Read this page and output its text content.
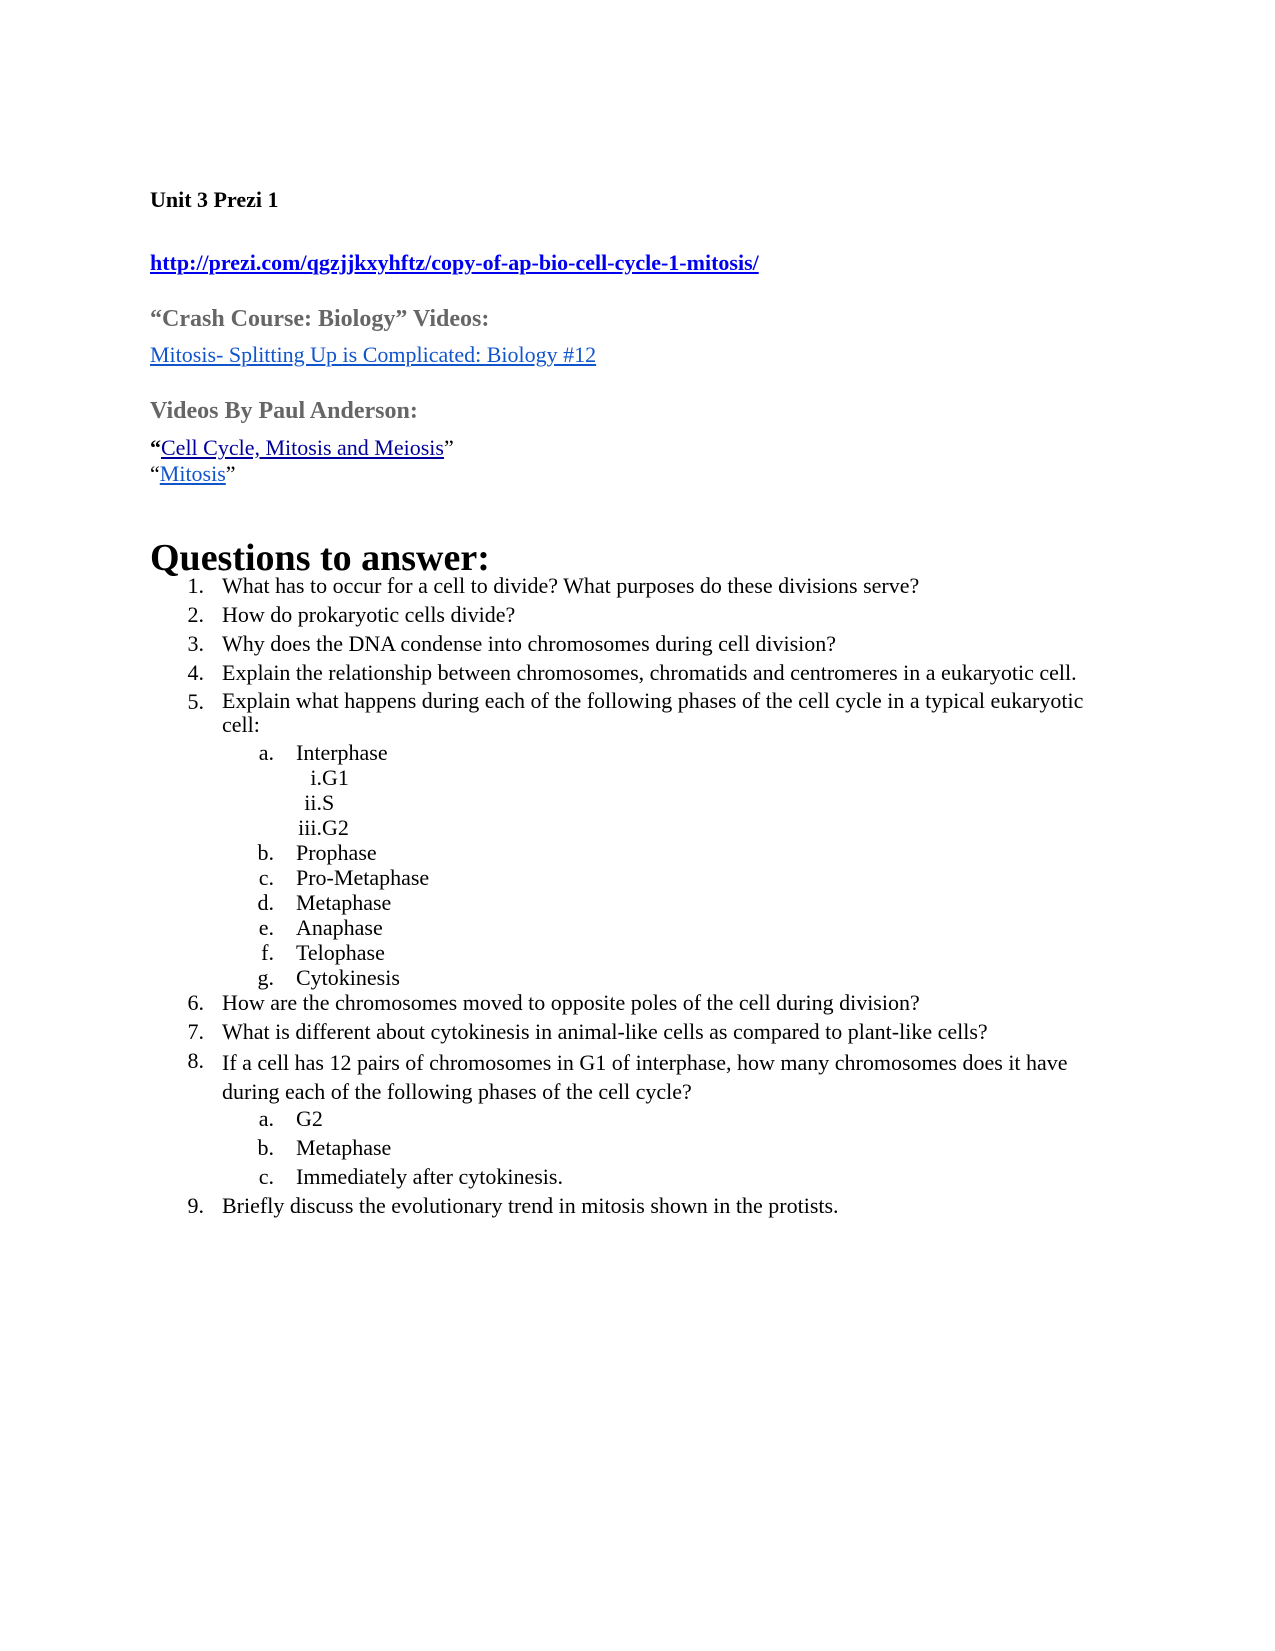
Unit 3 Prezi 1
http://prezi.com/qgzjjkxyhftz/copy-of-ap-bio-cell-cycle-1-mitosis/
“Crash Course: Biology” Videos:
Mitosis- Splitting Up is Complicated: Biology #12
Videos By Paul Anderson:
“Cell Cycle, Mitosis and Meiosis”
“Mitosis”
Questions to answer:
1. What has to occur for a cell to divide? What purposes do these divisions serve?
2. How do prokaryotic cells divide?
3. Why does the DNA condense into chromosomes during cell division?
4. Explain the relationship between chromosomes, chromatids and centromeres in a eukaryotic cell.
5. Explain what happens during each of the following phases of the cell cycle in a typical eukaryotic cell:
a. Interphase
i. G1
ii. S
iii. G2
b. Prophase
c. Pro-Metaphase
d. Metaphase
e. Anaphase
f. Telophase
g. Cytokinesis
6. How are the chromosomes moved to opposite poles of the cell during division?
7. What is different about cytokinesis in animal-like cells as compared to plant-like cells?
8. If a cell has 12 pairs of chromosomes in G1 of interphase, how many chromosomes does it have during each of the following phases of the cell cycle?
a. G2
b. Metaphase
c. Immediately after cytokinesis.
9. Briefly discuss the evolutionary trend in mitosis shown in the protists.
